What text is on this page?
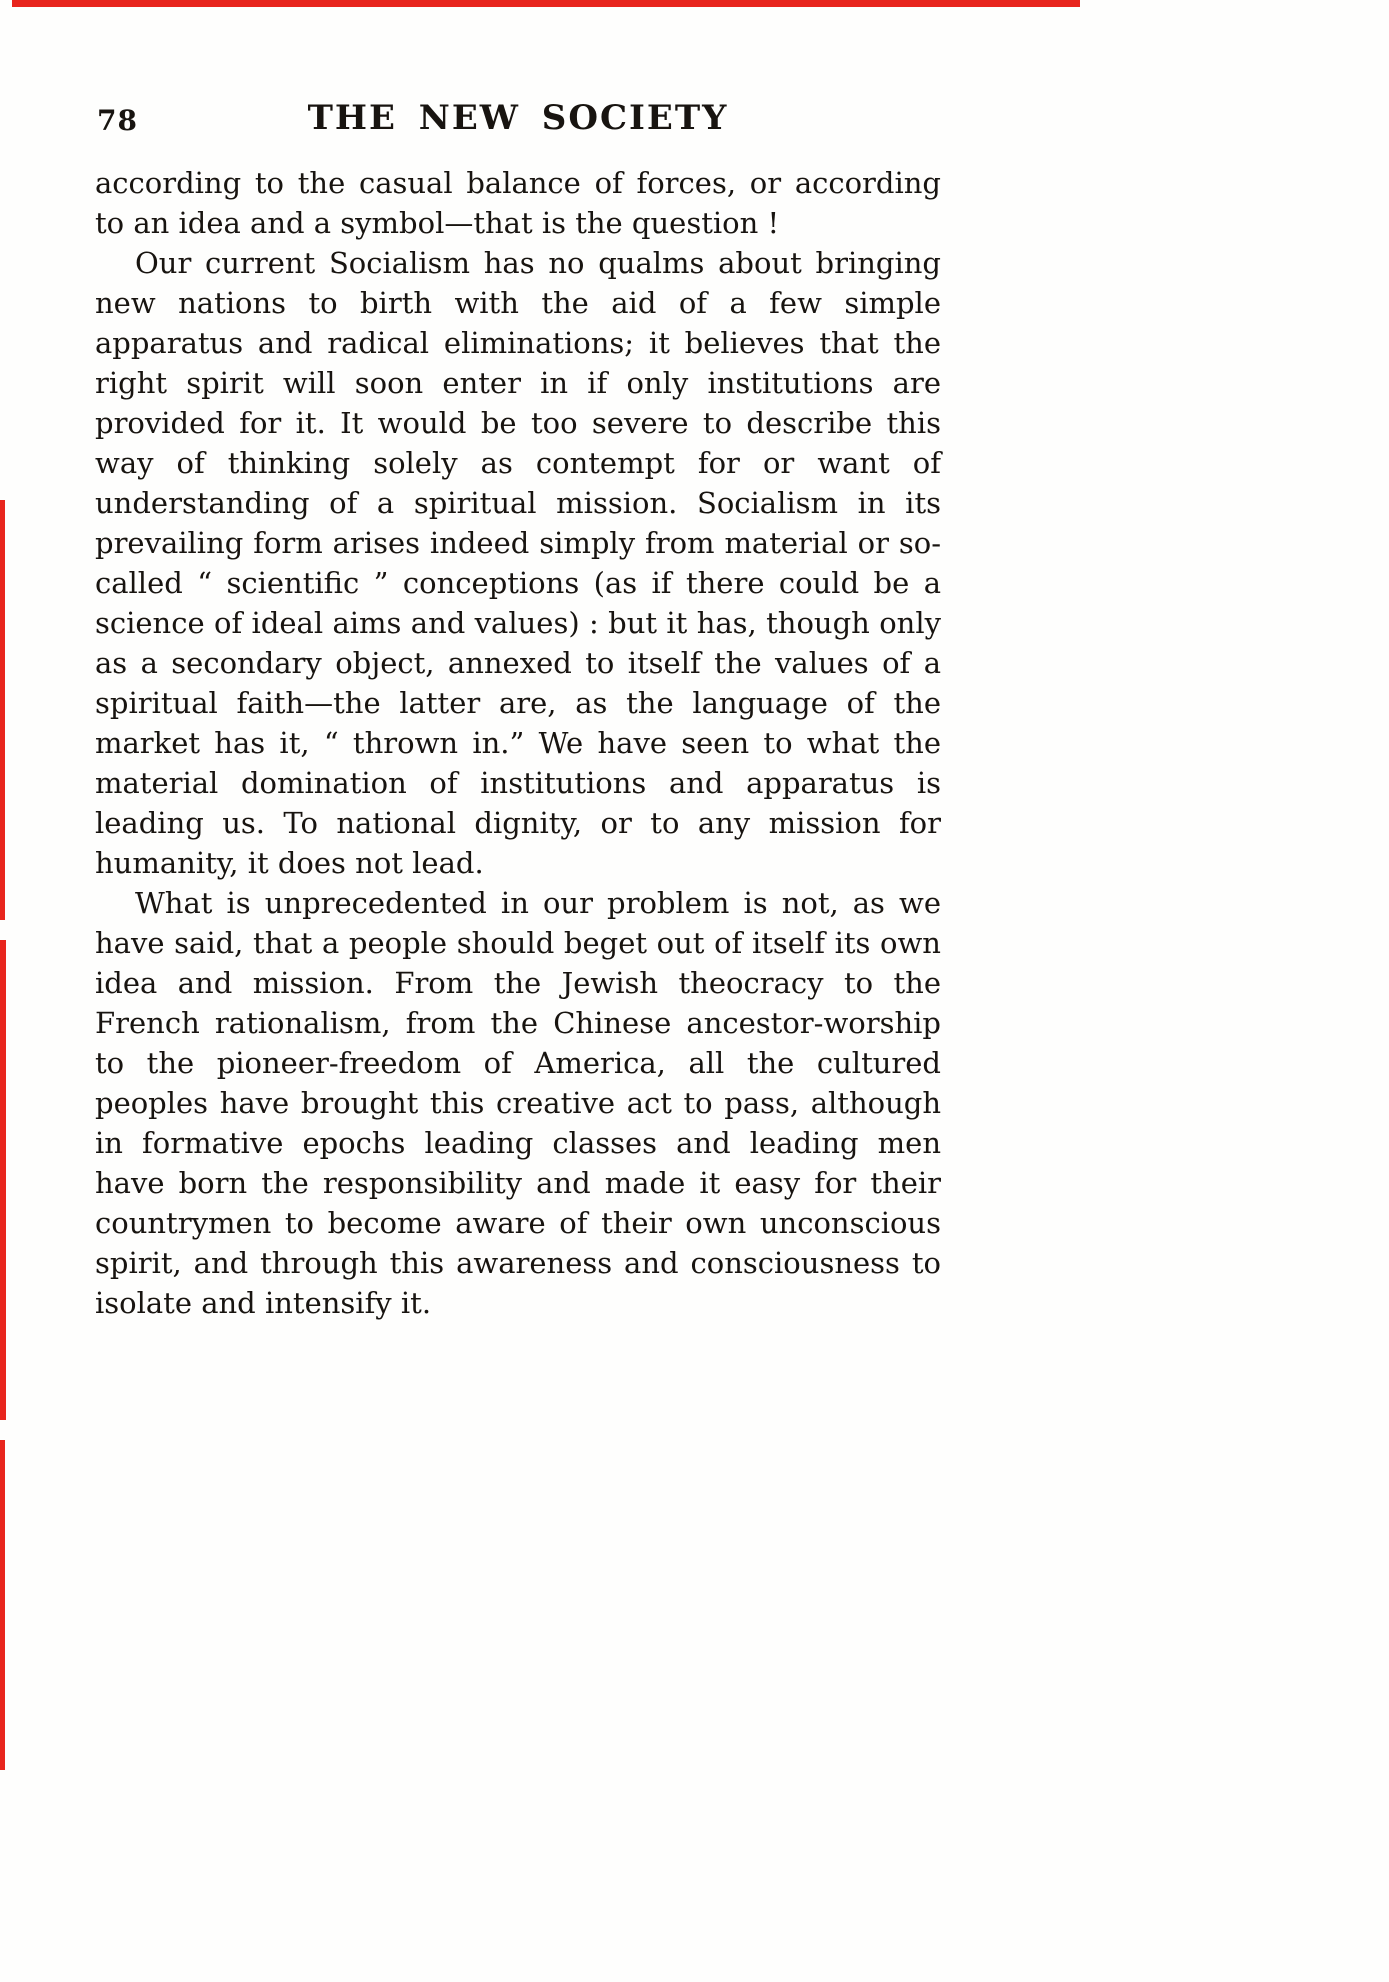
78	THE NEW SOCIETY

according to the casual balance of forces, or according to an idea and a symbol—that is the question !

Our current Socialism has no qualms about bringing new nations to birth with the aid of a few simple apparatus and radical eliminations; it believes that the right spirit will soon enter in if only institutions are provided for it. It would be too severe to describe this way of thinking solely as contempt for or want of understanding of a spiritual mission. Socialism in its prevailing form arises indeed simply from material or so-called “ scientific ” conceptions (as if there could be a science of ideal aims and values) : but it has, though only as a secondary object, annexed to itself the values of a spiritual faith—the latter are, as the language of the market has it, “ thrown in.” We have seen to what the material domination of institutions and apparatus is leading us. To national dignity, or to any mission for humanity, it does not lead.

What is unprecedented in our problem is not, as we have said, that a people should beget out of itself its own idea and mission. From the Jewish theocracy to the French rationalism, from the Chinese ancestor-worship to the pioneer-freedom of America, all the cultured peoples have brought this creative act to pass, although in formative epochs leading classes and leading men have born the responsibility and made it easy for their countrymen to become aware of their own unconscious spirit, and through this awareness and consciousness to isolate and intensify it.
